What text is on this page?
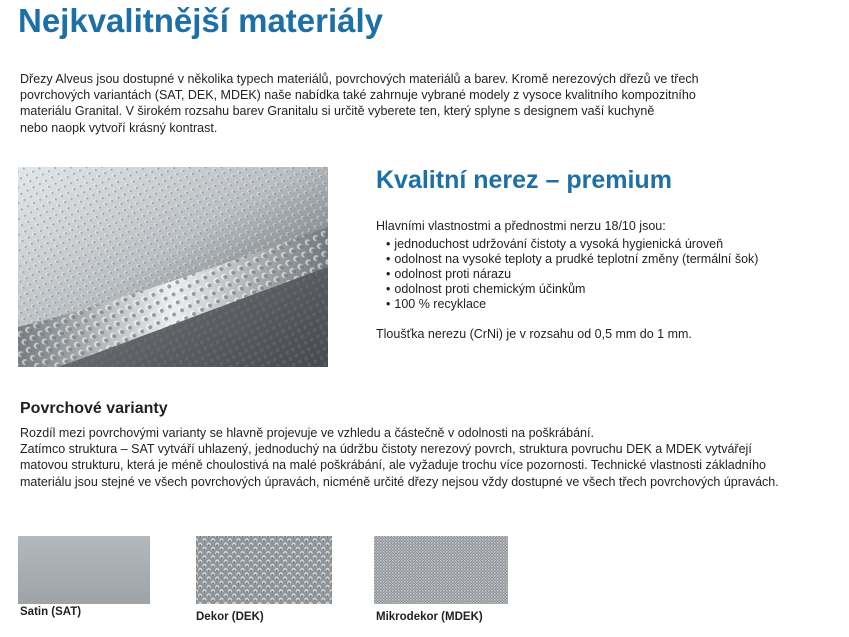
Nejkvalitnější materiály

Dřezy Alveus jsou dostupné v několika typech materiálů, povrchových materiálů a barev. Kromě nerezových dřezů ve třech
povrchových variantách (SAT, DEK, MDEK) naše nabídka také zahrnuje vybrané modely z vysoce kvalitního kompozitního
materiálu Granital. V širokém rozsahu barev Granitalu si určitě vyberete ten, který splyne s designem vaší kuchyně
nebo naopk vytvoří krásný kontrast.

Kvalitní nerez – premium

Hlavními vlastnostmi a přednostmi nerzu 18/10 jsou:

• jednoduchost udržování čistoty a vysoká hygienická úroveň
• odolnost na vysoké teploty a prudké teplotní změny (termální šok)
• odolnost proti nárazu
• odolnost proti chemickým účinkům
• 100 % recyklace

Tloušťka nerezu (CrNi) je v rozsahu od 0,5 mm do 1 mm.

Povrchové varianty

Rozdíl mezi povrchovými varianty se hlavně projevuje ve vzhledu a částečně v odolnosti na poškrábání.
Zatímco struktura – SAT vytváří uhlazený, jednoduchý na údržbu čistoty nerezový povrch, struktura povruchu DEK a MDEK vytvářejí
matovou strukturu, která je méně choulostivá na malé poškrábání, ale vyžaduje trochu více pozornosti. Technické vlastnosti základního
materiálu jsou stejné ve všech povrchových úpravách, nicméně určité dřezy nejsou vždy dostupné ve všech třech povrchových úpravách.

Satin (SAT)	Dekor (DEK)	Mikrodekor (MDEK)
